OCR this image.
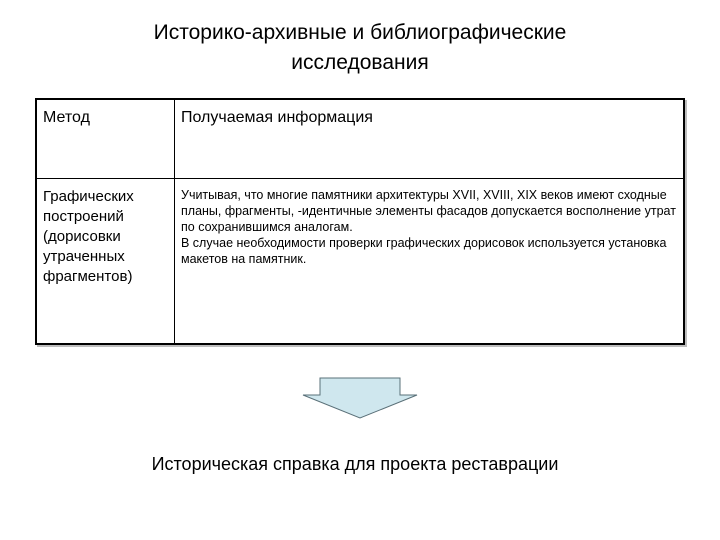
Историко-архивные и библиографические
исследования
Метод	Получаемая информация
Графических построений (дорисовки утраченных фрагментов)	Учитывая, что многие памятники архитектуры XVII, XVIII, XIX веков имеют сходные планы, фрагменты, -идентичные элементы фасадов допускается восполнение утрат по сохранившимся аналогам.

В случае необходимости проверки графических дорисовок используется установка макетов на памятник.

Историческая справка для проекта реставрации
